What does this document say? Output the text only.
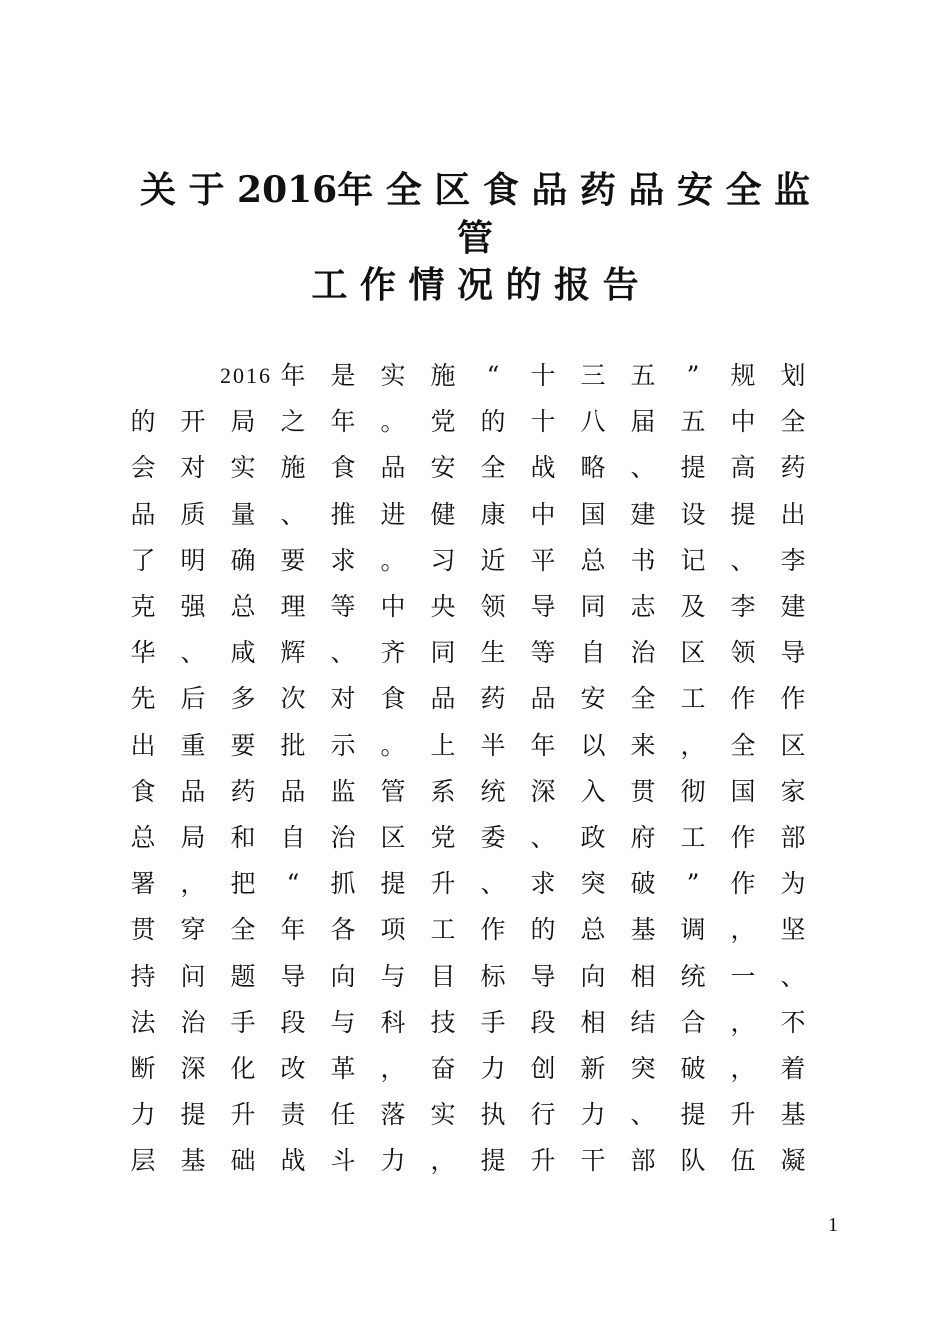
关 于 2016年 全 区 食 品 药 品 安 全 监
管
工 作 情 况 的 报 告
2016 年 是 实 施	“	十 三 五	”	规 划
的 开 局 之 年 。 党 的 十 八 届 五 中 全
会 对 实 施 食 品 安 全 战 略 、 提 高 药
品 质 量 、 推 进 健 康 中 国 建 设 提 出
了 明 确 要 求 。 习 近 平 总 书 记 、 李
克 强 总 理 等 中 央 领 导 同 志 及 李 建
华 、 咸 辉 、 齐 同 生 等 自 治 区 领 导
先 后 多 次 对 食 品 药 品 安 全 工 作 作
出 重 要 批 示 。 上 半 年 以 来 ， 全 区
食 品 药 品 监 管 系 统 深 入 贯 彻 国 家
总 局 和 自 治 区 党 委 、 政 府 工 作 部
署 ， 把	“	抓 提 升 、 求 突 破	”	作 为
贯 穿 全 年 各 项 工 作 的 总 基 调 ， 坚
持 问 题 导 向 与 目 标 导 向 相 统 一 、
法 治 手 段 与 科 技 手 段 相 结 合 ， 不
断 深 化 改 革 ， 奋 力 创 新 突 破 ， 着
力 提 升 责 任 落 实 执 行 力 、 提 升 基
层 基 础 战 斗 力 ， 提 升 干 部 队 伍 凝
1
